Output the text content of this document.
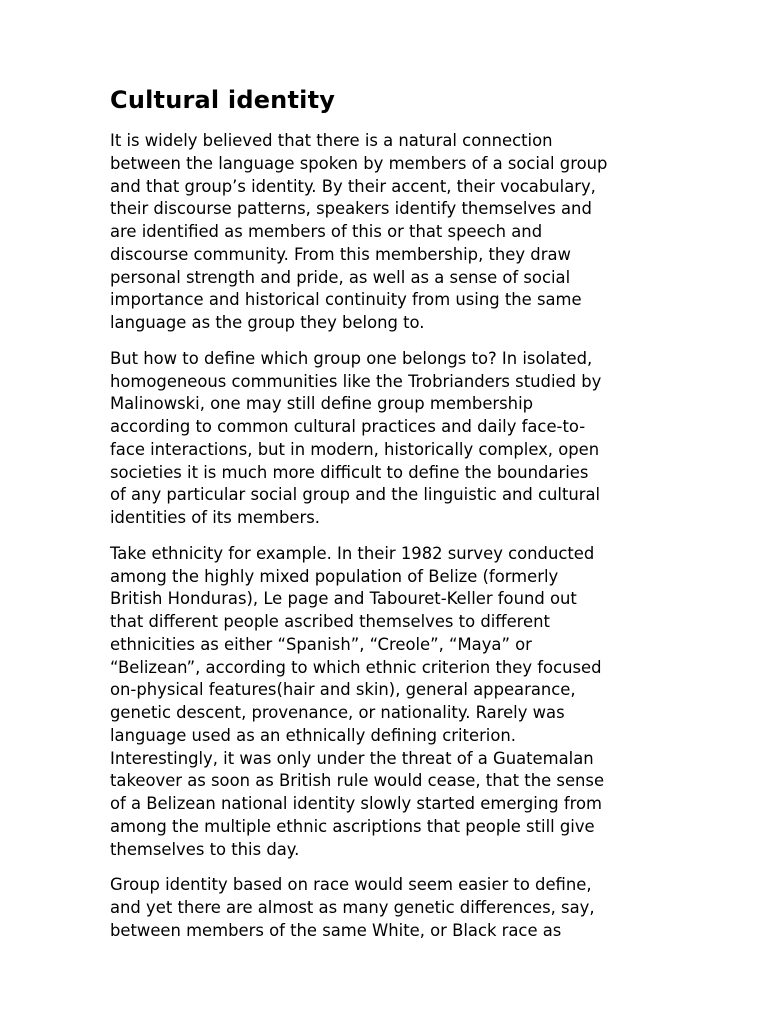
Cultural identity

It is widely believed that there is a natural connection
between the language spoken by members of a social group
and that group’s identity. By their accent, their vocabulary,
their discourse patterns, speakers identify themselves and
are identified as members of this or that speech and
discourse community. From this membership, they draw
personal strength and pride, as well as a sense of social
importance and historical continuity from using the same
language as the group they belong to.

But how to define which group one belongs to? In isolated,
homogeneous communities like the Trobrianders studied by
Malinowski, one may still define group membership
according to common cultural practices and daily face-to-
face interactions, but in modern, historically complex, open
societies it is much more difficult to define the boundaries
of any particular social group and the linguistic and cultural
identities of its members.

Take ethnicity for example. In their 1982 survey conducted
among the highly mixed population of Belize (formerly
British Honduras), Le page and Tabouret-Keller found out
that different people ascribed themselves to different
ethnicities as either “Spanish”, “Creole”, “Maya” or
“Belizean”, according to which ethnic criterion they focused
on-physical features(hair and skin), general appearance,
genetic descent, provenance, or nationality. Rarely was
language used as an ethnically defining criterion.
Interestingly, it was only under the threat of a Guatemalan
takeover as soon as British rule would cease, that the sense
of a Belizean national identity slowly started emerging from
among the multiple ethnic ascriptions that people still give
themselves to this day.

Group identity based on race would seem easier to define,
and yet there are almost as many genetic differences, say,
between members of the same White, or Black race as
